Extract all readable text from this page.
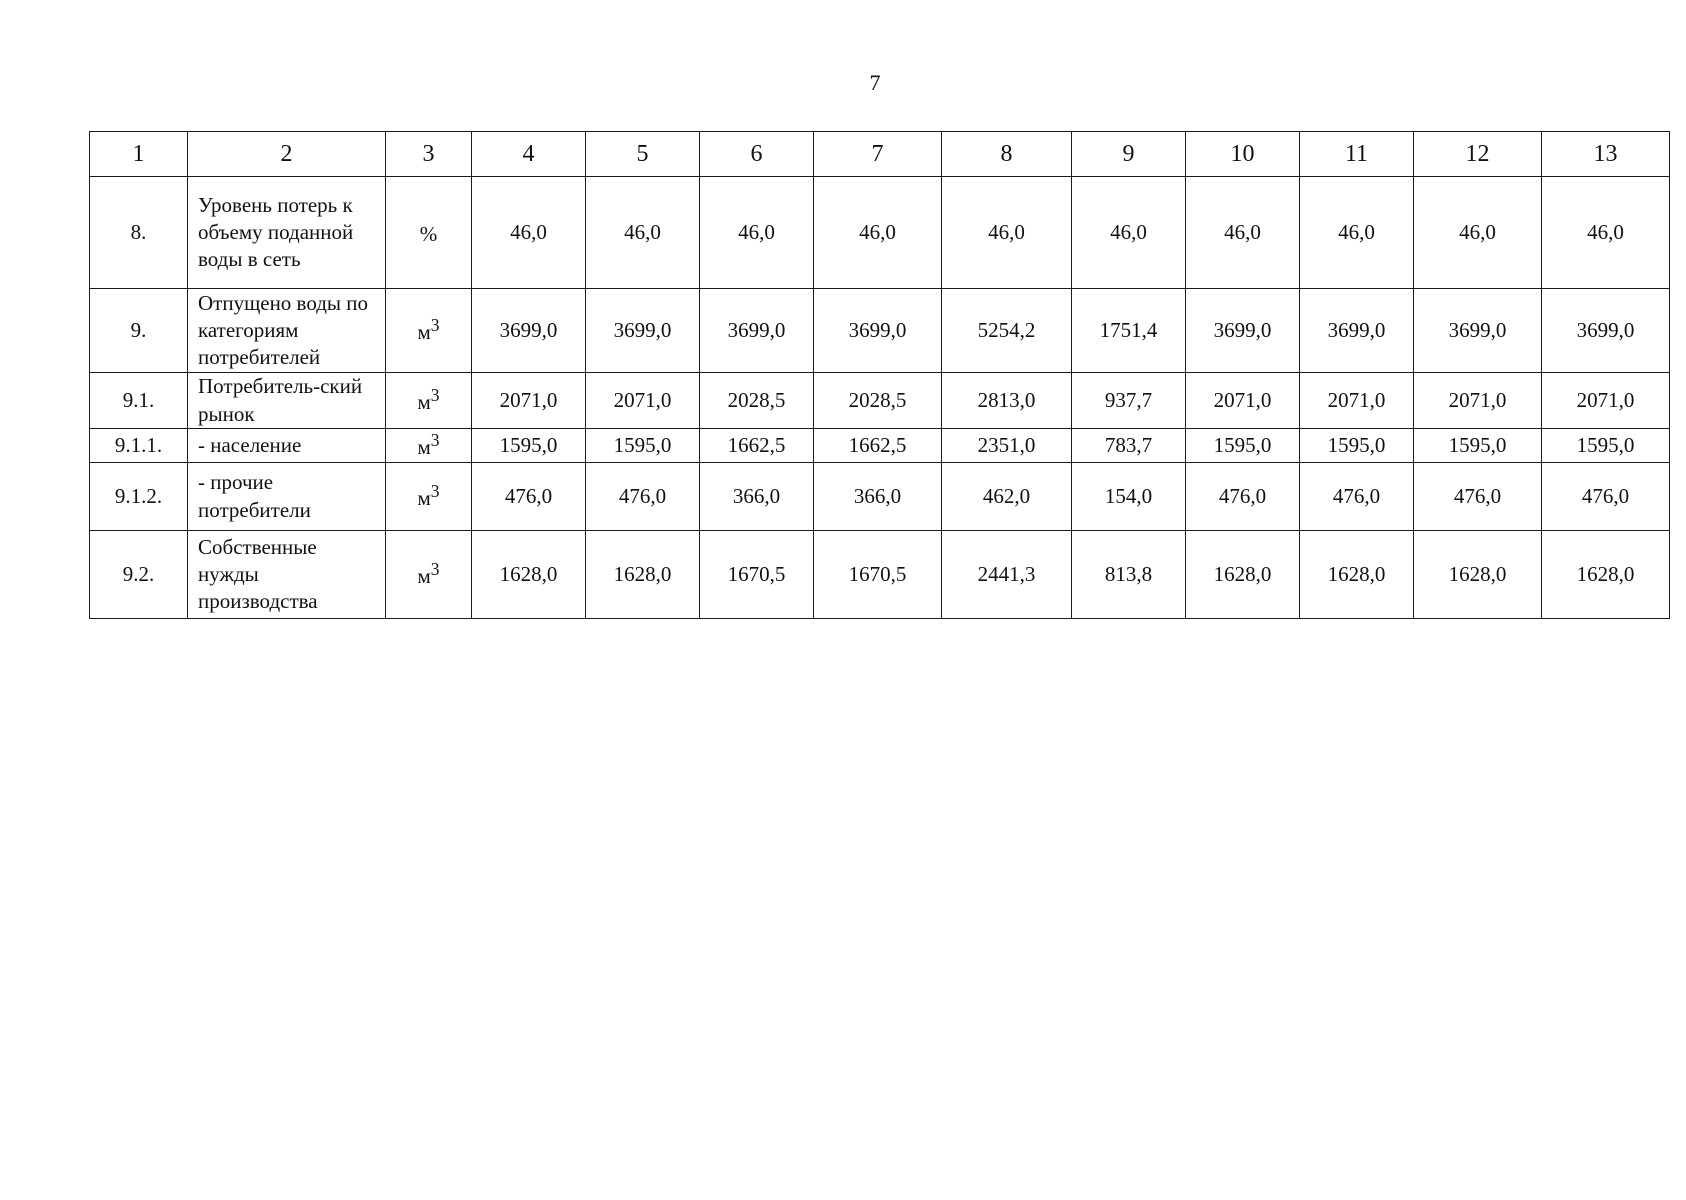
7
1	2	3	4	5	6	7	8	9	10	11	12	13
8.	Уровень потерь к объему поданной воды в сеть	%	46,0	46,0	46,0	46,0	46,0	46,0	46,0	46,0	46,0	46,0
9.	Отпущено воды по категориям потребителей	$м^3$	3699,0	3699,0	3699,0	3699,0	5254,2	1751,4	3699,0	3699,0	3699,0	3699,0
9.1.	Потребитель-ский рынок	$м^3$	2071,0	2071,0	2028,5	2028,5	2813,0	937,7	2071,0	2071,0	2071,0	2071,0
9.1.1.	- население	$м^3$	1595,0	1595,0	1662,5	1662,5	2351,0	783,7	1595,0	1595,0	1595,0	1595,0
9.1.2.	- прочие потребители	$м^3$	476,0	476,0	366,0	366,0	462,0	154,0	476,0	476,0	476,0	476,0
9.2.	Собственные нужды производства	$м^3$	1628,0	1628,0	1670,5	1670,5	2441,3	813,8	1628,0	1628,0	1628,0	1628,0
